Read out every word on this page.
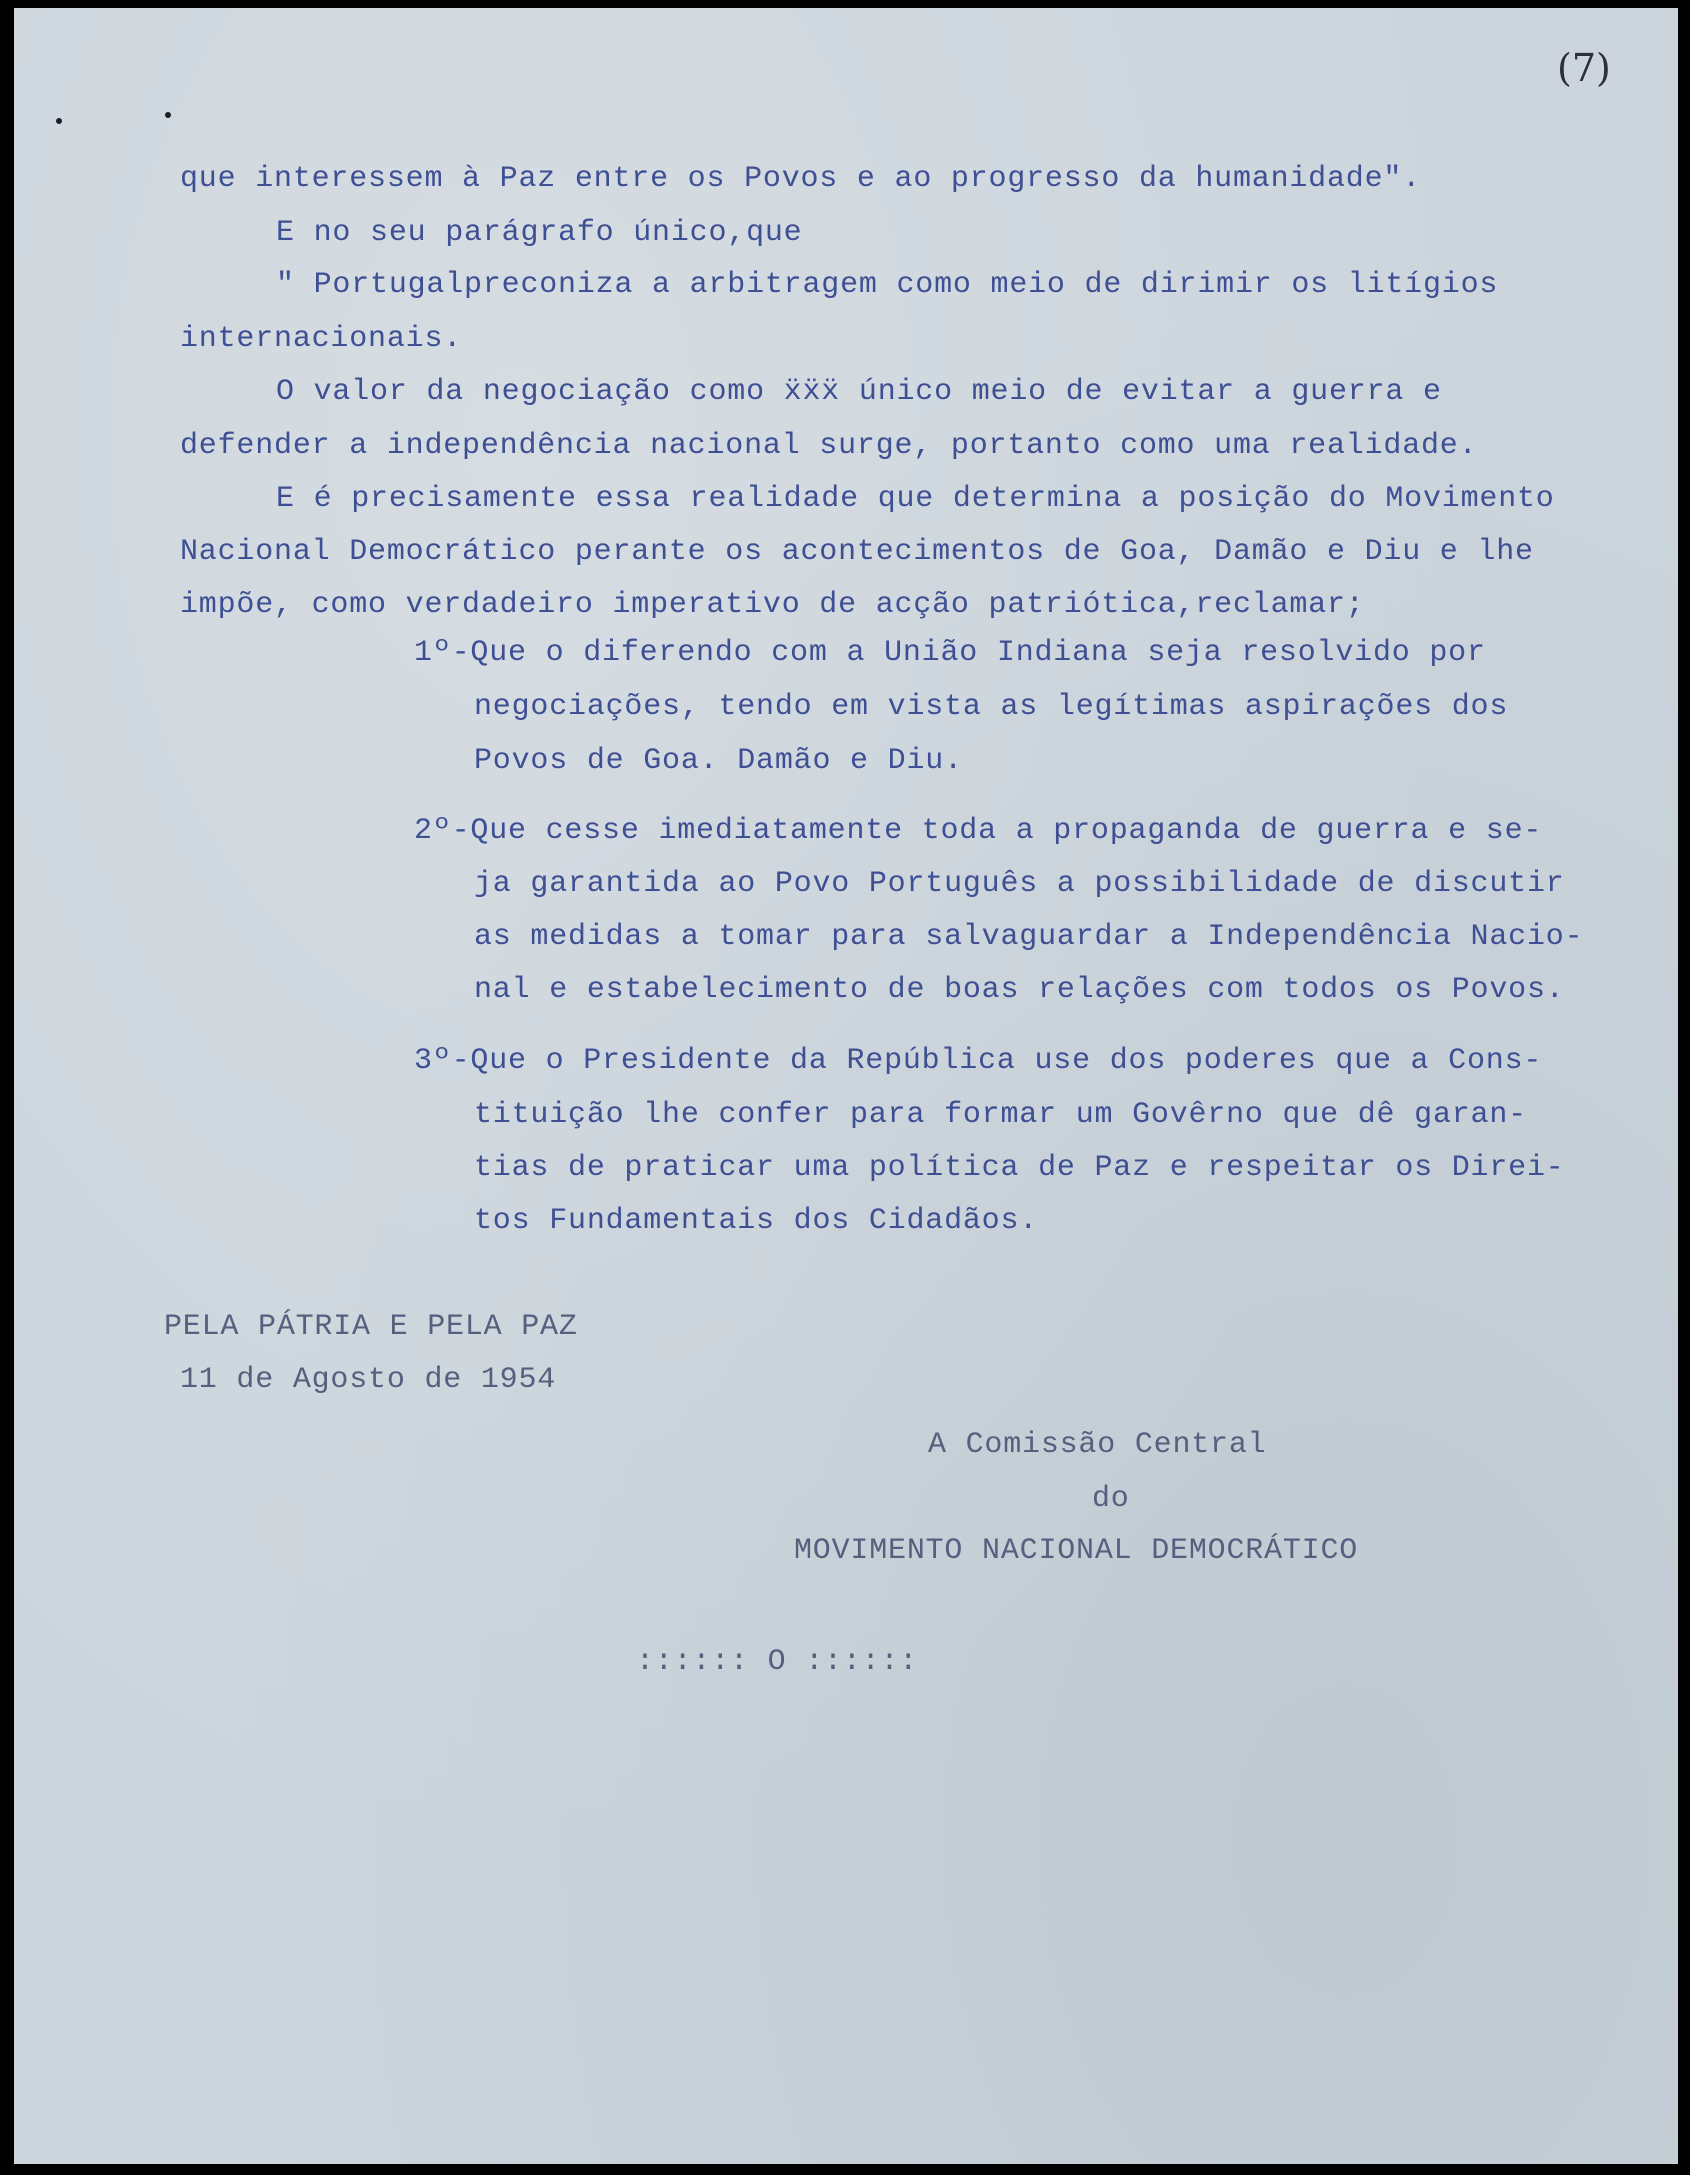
(7)

que interessem à Paz entre os Povos e ao progresso da humanidade".

E no seu parágrafo único,que

" Portugalpreconiza a arbitragem como meio de dirimir os litígios

internacionais.

O valor da negociação como ẍẍẍ único meio de evitar a guerra e

defender a independência nacional surge, portanto como uma realidade.

E é precisamente essa realidade que determina a posição do Movimento

Nacional Democrático perante os acontecimentos de Goa, Damão e Diu e lhe

impõe, como verdadeiro imperativo de acção patriótica,reclamar;

1º-Que o diferendo com a União Indiana seja resolvido por

negociações, tendo em vista as legítimas aspirações dos

Povos de Goa. Damão e Diu.

2º-Que cesse imediatamente toda a propaganda de guerra e se-

ja garantida ao Povo Português a possibilidade de discutir

as medidas a tomar para salvaguardar a Independência Nacio-

nal e estabelecimento de boas relações com todos os Povos.

3º-Que o Presidente da República use dos poderes que a Cons-

tituição lhe confer para formar um Govêrno que dê garan-

tias de praticar uma política de Paz e respeitar os Direi-

tos Fundamentais dos Cidadãos.

PELA PÁTRIA E PELA PAZ

11 de Agosto de 1954

A Comissão Central

do

MOVIMENTO NACIONAL DEMOCRÁTICO

:::::: O ::::::
